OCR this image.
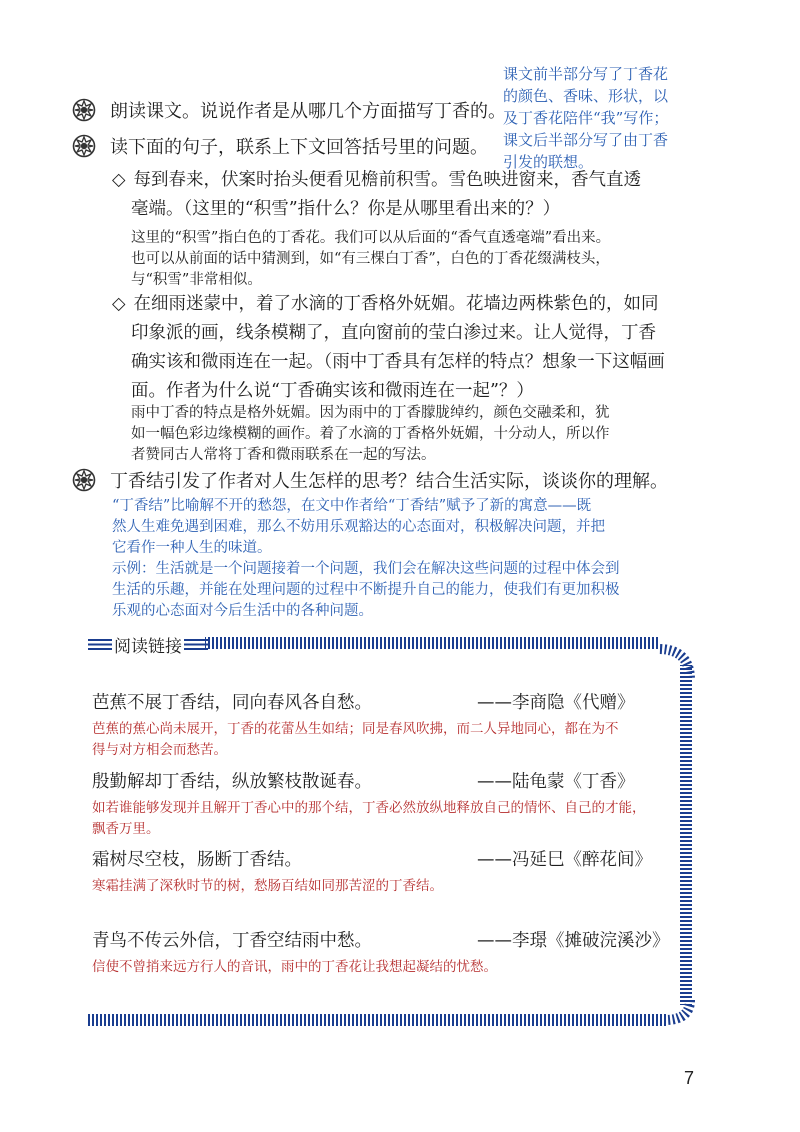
课文前半部分写了丁香花
的颜色、香味、形状，以
及丁香花陪伴“我”写作；
课文后半部分写了由丁香
引发的联想。
朗读课文。说说作者是从哪几个方面描写丁香的。
读下面的句子，联系上下文回答括号里的问题。
◇ 每到春来，伏案时抬头便看见檐前积雪。雪色映进窗来，香气直透
毫端。（这里的“积雪”指什么？你是从哪里看出来的？）
这里的“积雪”指白色的丁香花。我们可以从后面的“香气直透毫端”看出来。
也可以从前面的话中猜测到，如“有三棵白丁香”，白色的丁香花缀满枝头，
与“积雪”非常相似。
◇ 在细雨迷蒙中，着了水滴的丁香格外妩媚。花墙边两株紫色的，如同
印象派的画，线条模糊了，直向窗前的莹白渗过来。让人觉得，丁香
确实该和微雨连在一起。（雨中丁香具有怎样的特点？想象一下这幅画
面。作者为什么说“丁香确实该和微雨连在一起”？）
雨中丁香的特点是格外妩媚。因为雨中的丁香朦胧绰约，颜色交融柔和，犹
如一幅色彩边缘模糊的画作。着了水滴的丁香格外妩媚，十分动人，所以作
者赞同古人常将丁香和微雨联系在一起的写法。
丁香结引发了作者对人生怎样的思考？结合生活实际，谈谈你的理解。
“丁香结”比喻解不开的愁怨，在文中作者给“丁香结”赋予了新的寓意——既
然人生难免遇到困难，那么不妨用乐观豁达的心态面对，积极解决问题，并把
它看作一种人生的味道。
示例：生活就是一个问题接着一个问题，我们会在解决这些问题的过程中体会到
生活的乐趣，并能在处理问题的过程中不断提升自己的能力，使我们有更加积极
乐观的心态面对今后生活中的各种问题。
阅读链接
芭蕉不展丁香结，同向春风各自愁。	——李商隐《代赠》
芭蕉的蕉心尚未展开，丁香的花蕾丛生如结；同是春风吹拂，而二人异地同心，都在为不
得与对方相会而愁苦。
殷勤解却丁香结，纵放繁枝散诞春。	——陆龟蒙《丁香》
如若谁能够发现并且解开丁香心中的那个结，丁香必然放纵地释放自己的情怀、自己的才能，
飘香万里。
霜树尽空枝，肠断丁香结。	——冯延巳《醉花间》
寒霜挂满了深秋时节的树，愁肠百结如同那苦涩的丁香结。
青鸟不传云外信，丁香空结雨中愁。	——李璟《摊破浣溪沙》
信使不曾捎来远方行人的音讯，雨中的丁香花让我想起凝结的忧愁。
7
